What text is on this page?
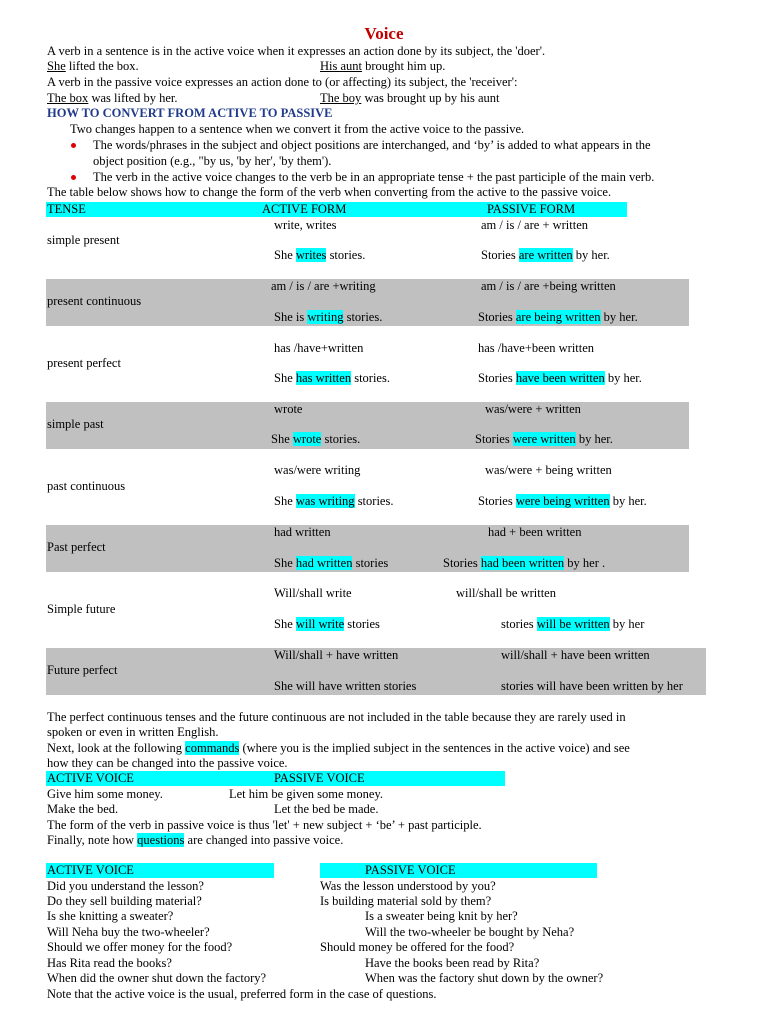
Voice
A verb in a sentence is in the active voice when it expresses an action done by its subject, the 'doer'.
She lifted the box.	His aunt brought him up.
A verb in the passive voice expresses an action done to (or affecting) its subject, the 'receiver':
The box was lifted by her.	The boy was brought up by his aunt
HOW TO CONVERT FROM ACTIVE TO PASSIVE
Two changes happen to a sentence when we convert it from the active voice to the passive.
The words/phrases in the subject and object positions are interchanged, and ‘by’ is added to what appears in the
object position (e.g., "by us, 'by her', 'by them').
The verb in the active voice changes to the verb be in an appropriate tense + the past participle of the main verb.
The table below shows how to change the form of the verb when converting from the active to the passive voice.
TENSE	ACTIVE FORM	PASSIVE FORM
simple present
write, writes	am / is / are + written
She writes stories.	Stories are written by her.
present continuous
am / is / are +writing	am / is / are +being written
She is writing stories.	Stories are being written by her.
present perfect
has /have+written	has /have+been written
She has written stories.	Stories have been written by her.
simple past
wrote	was/were + written
She wrote stories.	Stories were written by her.
past continuous
was/were writing	was/were + being written
She was writing stories.	Stories were being written by her.
Past perfect
had written	had + been written
She had written stories	Stories had been written by her .
Simple future
Will/shall write	will/shall be written
She will write stories	stories will be written by her
Future perfect
Will/shall + have written	will/shall + have been written
She will have written stories	stories will have been written by her
The perfect continuous tenses and the future continuous are not included in the table because they are rarely used in
spoken or even in written English.
Next, look at the following commands (where you is the implied subject in the sentences in the active voice) and see
how they can be changed into the passive voice.
ACTIVE VOICE	PASSIVE VOICE
Give him some money.	Let him be given some money.
Make the bed.	Let the bed be made.
The form of the verb in passive voice is thus 'let' + new subject + ‘be’ + past participle.
Finally, note how questions are changed into passive voice.
ACTIVE VOICE	PASSIVE VOICE
Did you understand the lesson?	Was the lesson understood by you?
Do they sell building material?	Is building material sold by them?
Is she knitting a sweater?	Is a sweater being knit by her?
Will Neha buy the two-wheeler?	Will the two-wheeler be bought by Neha?
Should we offer money for the food?	Should money be offered for the food?
Has Rita read the books?	Have the books been read by Rita?
When did the owner shut down the factory?	When was the factory shut down by the owner?
Note that the active voice is the usual, preferred form in the case of questions.
